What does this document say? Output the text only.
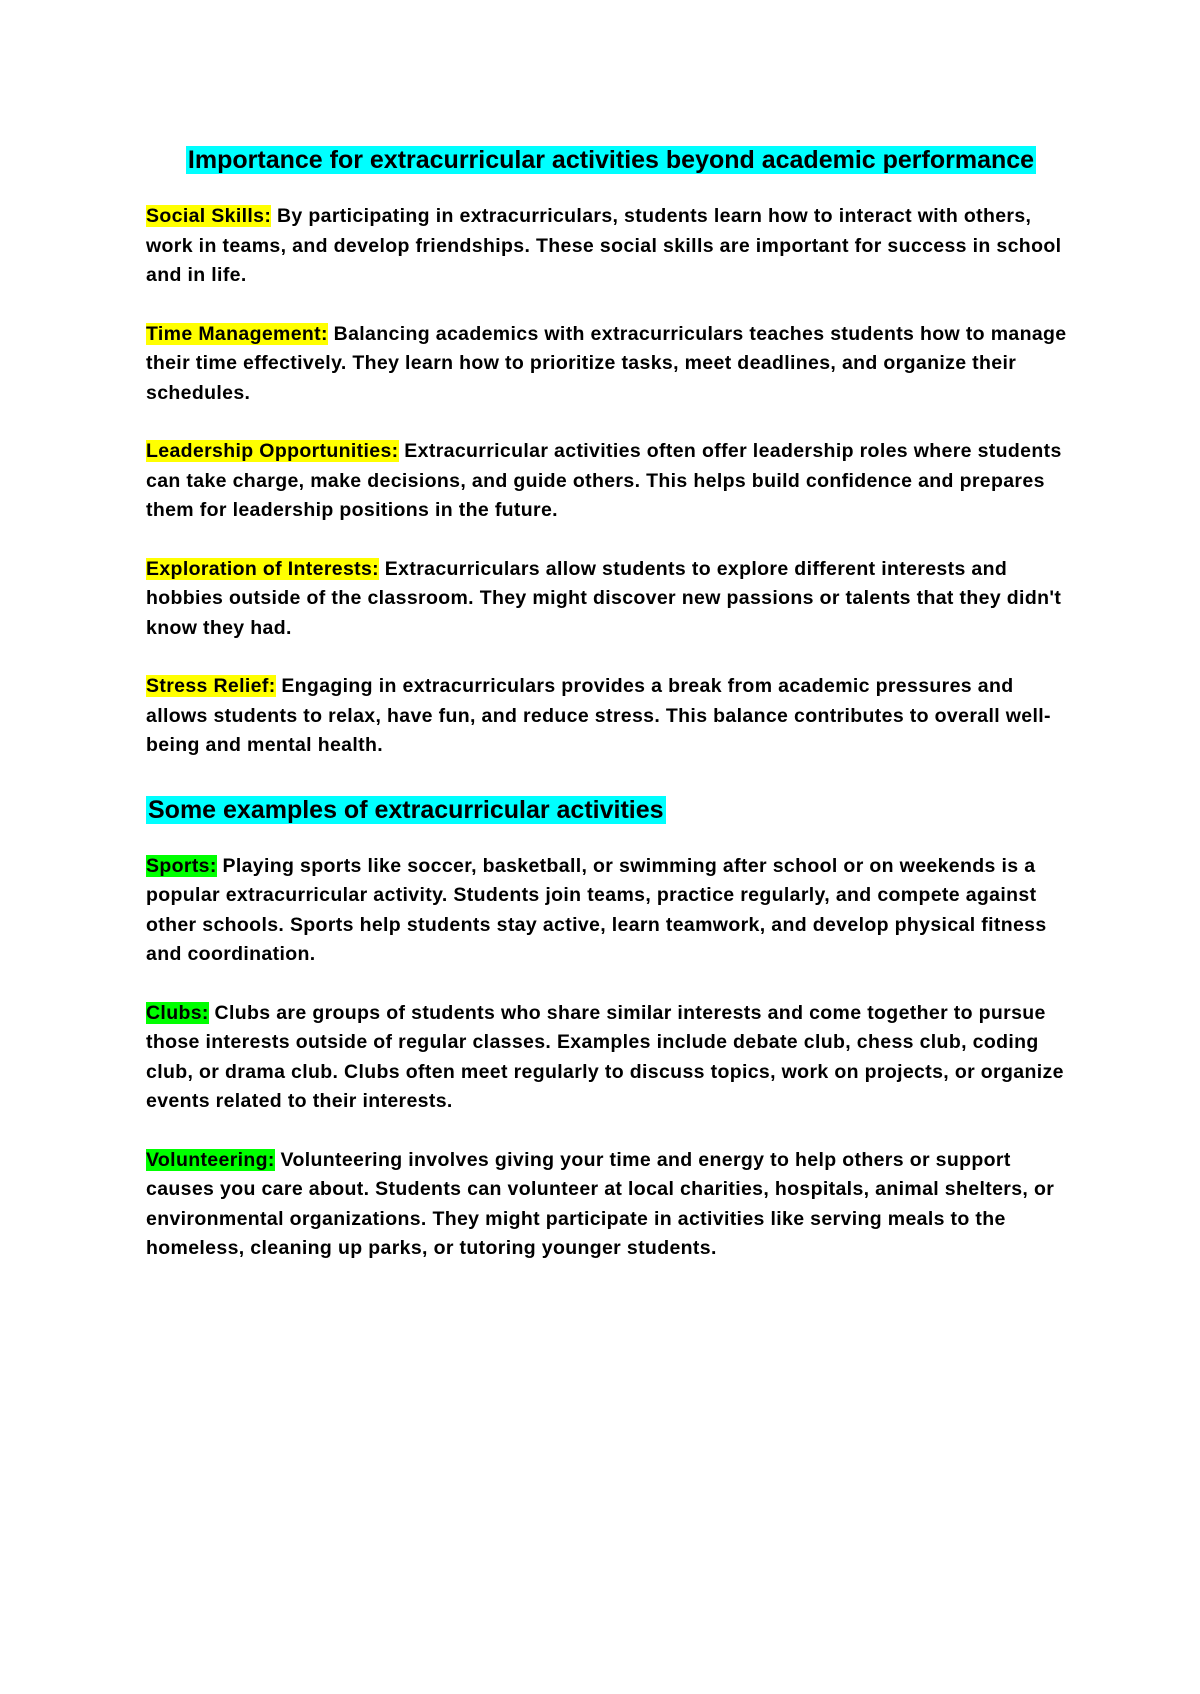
Importance for extracurricular activities beyond academic performance

Social Skills: By participating in extracurriculars, students learn how to interact with others, work in teams, and develop friendships. These social skills are important for success in school and in life.

Time Management: Balancing academics with extracurriculars teaches students how to manage their time effectively. They learn how to prioritize tasks, meet deadlines, and organize their schedules.

Leadership Opportunities: Extracurricular activities often offer leadership roles where students can take charge, make decisions, and guide others. This helps build confidence and prepares them for leadership positions in the future.

Exploration of Interests: Extracurriculars allow students to explore different interests and hobbies outside of the classroom. They might discover new passions or talents that they didn't know they had.

Stress Relief: Engaging in extracurriculars provides a break from academic pressures and allows students to relax, have fun, and reduce stress. This balance contributes to overall well-being and mental health.

Some examples of extracurricular activities

Sports: Playing sports like soccer, basketball, or swimming after school or on weekends is a popular extracurricular activity. Students join teams, practice regularly, and compete against other schools. Sports help students stay active, learn teamwork, and develop physical fitness and coordination.

Clubs: Clubs are groups of students who share similar interests and come together to pursue those interests outside of regular classes. Examples include debate club, chess club, coding club, or drama club. Clubs often meet regularly to discuss topics, work on projects, or organize events related to their interests.

Volunteering: Volunteering involves giving your time and energy to help others or support causes you care about. Students can volunteer at local charities, hospitals, animal shelters, or environmental organizations. They might participate in activities like serving meals to the homeless, cleaning up parks, or tutoring younger students.
